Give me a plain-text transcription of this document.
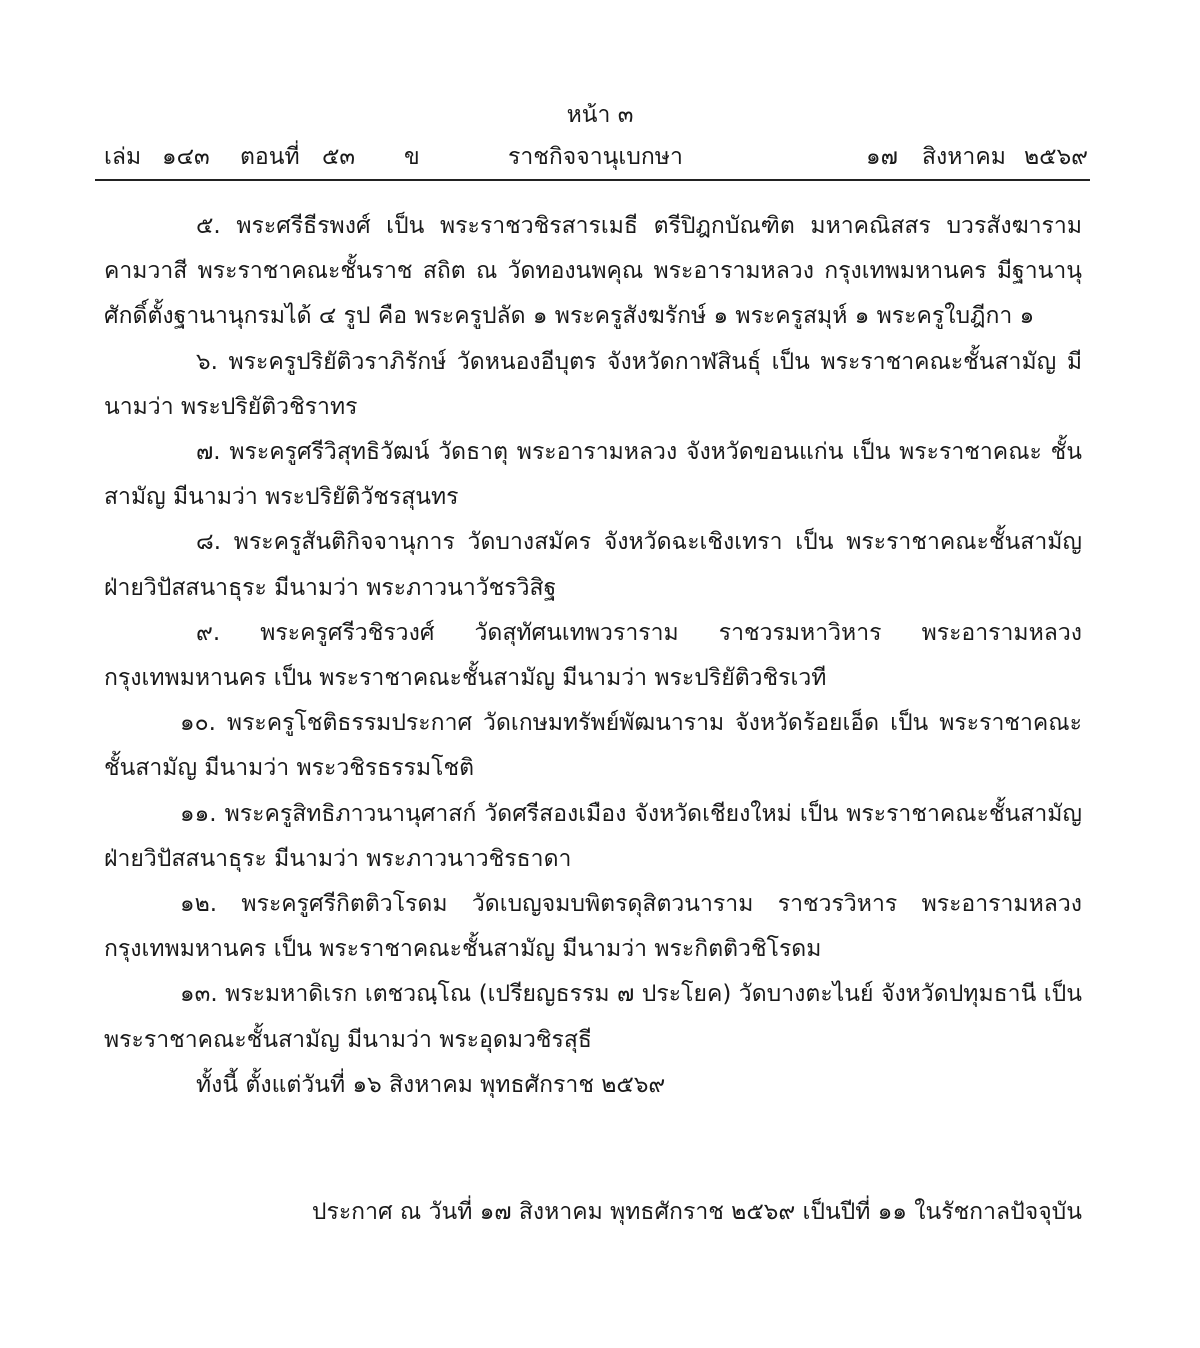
หน้า ๓
เล่ม ๑๔๓ ตอนที่ ๕๓ ข	ราชกิจจานุเบกษา	๑๗ สิงหาคม ๒๕๖๙

๕. พระศรีธีรพงศ์ เป็น พระราชวชิรสารเมธี ตรีปิฎกบัณฑิต มหาคณิสสร บวรสังฆาราม คามวาสี พระราชาคณะชั้นราช สถิต ณ วัดทองนพคุณ พระอารามหลวง กรุงเทพมหานคร มีฐานานุศักดิ์ตั้งฐานานุกรมได้ ๔ รูป คือ พระครูปลัด ๑ พระครูสังฆรักษ์ ๑ พระครูสมุห์ ๑ พระครูใบฎีกา ๑

๖. พระครูปริยัติวราภิรักษ์ วัดหนองอีบุตร จังหวัดกาฬสินธุ์ เป็น พระราชาคณะชั้นสามัญ มีนามว่า พระปริยัติวชิราทร

๗. พระครูศรีวิสุทธิวัฒน์ วัดธาตุ พระอารามหลวง จังหวัดขอนแก่น เป็น พระราชาคณะ ชั้นสามัญ มีนามว่า พระปริยัติวัชรสุนทร

๘. พระครูสันติกิจจานุการ วัดบางสมัคร จังหวัดฉะเชิงเทรา เป็น พระราชาคณะชั้นสามัญ ฝ่ายวิปัสสนาธุระ มีนามว่า พระภาวนาวัชรวิสิฐ

๙. พระครูศรีวชิรวงศ์ วัดสุทัศนเทพวราราม ราชวรมหาวิหาร พระอารามหลวง กรุงเทพมหานคร เป็น พระราชาคณะชั้นสามัญ มีนามว่า พระปริยัติวชิรเวที

๑๐. พระครูโชติธรรมประกาศ วัดเกษมทรัพย์พัฒนาราม จังหวัดร้อยเอ็ด เป็น พระราชาคณะ ชั้นสามัญ มีนามว่า พระวชิรธรรมโชติ

๑๑. พระครูสิทธิภาวนานุศาสก์ วัดศรีสองเมือง จังหวัดเชียงใหม่ เป็น พระราชาคณะชั้นสามัญ ฝ่ายวิปัสสนาธุระ มีนามว่า พระภาวนาวชิรธาดา

๑๒. พระครูศรีกิตติวโรดม วัดเบญจมบพิตรดุสิตวนาราม ราชวรวิหาร พระอารามหลวง กรุงเทพมหานคร เป็น พระราชาคณะชั้นสามัญ มีนามว่า พระกิตติวชิโรดม

๑๓. พระมหาดิเรก เตชวณฺโณ (เปรียญธรรม ๗ ประโยค) วัดบางตะไนย์ จังหวัดปทุมธานี เป็น พระราชาคณะชั้นสามัญ มีนามว่า พระอุดมวชิรสุธี

ทั้งนี้ ตั้งแต่วันที่ ๑๖ สิงหาคม พุทธศักราช ๒๕๖๙

ประกาศ ณ วันที่ ๑๗ สิงหาคม พุทธศักราช ๒๕๖๙ เป็นปีที่ ๑๑ ในรัชกาลปัจจุบัน
